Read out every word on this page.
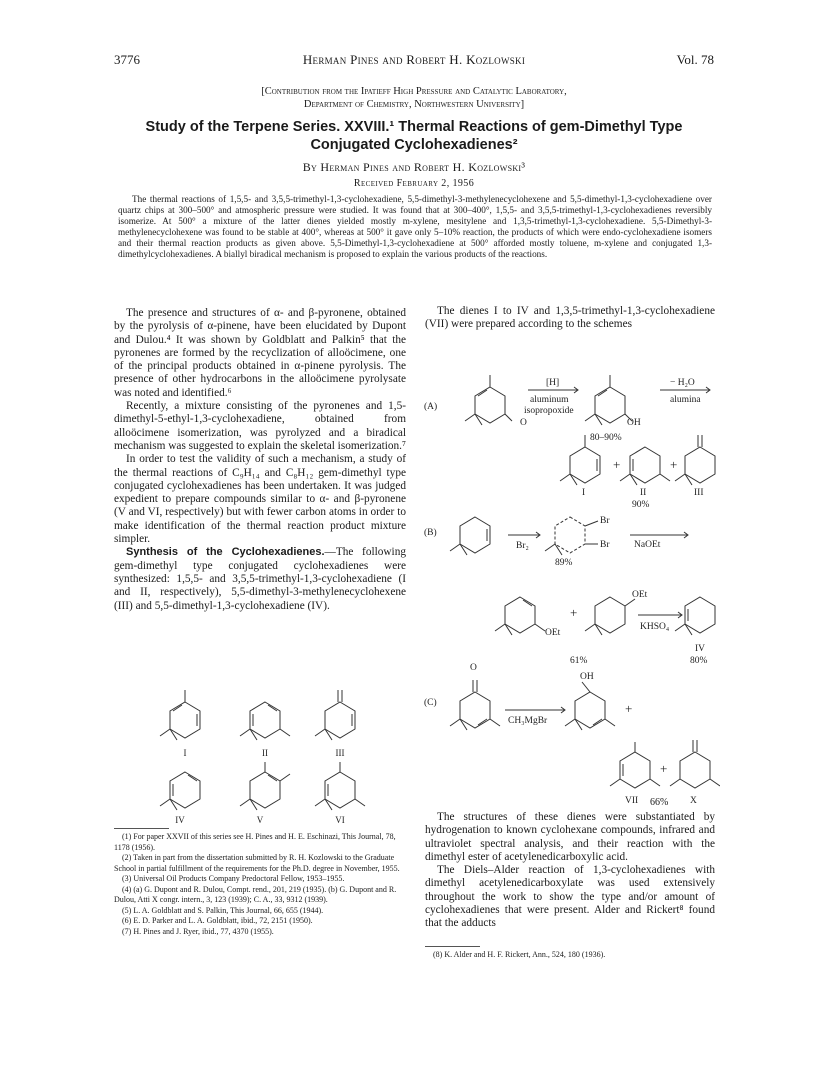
3776	Herman Pines and Robert H. Kozlowski	Vol. 78
[Contribution from the Ipatieff High Pressure and Catalytic Laboratory,
Department of Chemistry, Northwestern University]
Study of the Terpene Series. XXVIII.¹ Thermal Reactions of gem-Dimethyl Type
Conjugated Cyclohexadienes²
By Herman Pines and Robert H. Kozlowski³
Received February 2, 1956
The thermal reactions of 1,5,5- and 3,5,5-trimethyl-1,3-cyclohexadiene, 5,5-dimethyl-3-methylenecyclohexene and 5,5-dimethyl-1,3-cyclohexadiene over quartz chips at 300–500° and atmospheric pressure were studied. It was found that at 300–400°, 1,5,5- and 3,5,5-trimethyl-1,3-cyclohexadienes reversibly isomerize. At 500° a mixture of the latter dienes yielded mostly m-xylene, mesitylene and 1,3,5-trimethyl-1,3-cyclohexadiene. 5,5-Dimethyl-3-methylenecyclohexene was found to be stable at 400°, whereas at 500° it gave only 5–10% reaction, the products of which were endo-cyclohexadiene isomers and their thermal reaction products as given above. 5,5-Dimethyl-1,3-cyclohexadiene at 500° afforded mostly toluene, m-xylene and conjugated 1,3-dimethylcyclohexadienes. A biallyl biradical mechanism is proposed to explain the various products of the reactions.

The presence and structures of α- and β-pyronene, obtained by the pyrolysis of α-pinene, have been elucidated by Dupont and Dulou.⁴ It was shown by Goldblatt and Palkin⁵ that the pyronenes are formed by the recyclization of alloöcimene, one of the principal products obtained in α-pinene pyrolysis. The presence of other hydrocarbons in the alloöcimene pyrolysate was noted and identified.⁶

Recently, a mixture consisting of the pyronenes and 1,5-dimethyl-5-ethyl-1,3-cyclohexadiene, obtained from alloöcimene isomerization, was pyrolyzed and a biradical mechanism was suggested to explain the skeletal isomerization.⁷

In order to test the validity of such a mechanism, a study of the thermal reactions of C₉H₁₄ and C₈H₁₂ gem-dimethyl type conjugated cyclohexadienes has been undertaken. It was judged expedient to prepare compounds similar to α- and β-pyronene (V and VI, respectively) but with fewer carbon atoms in order to make identification of the thermal reaction product mixture simpler.

Synthesis of the Cyclohexadienes.—The following gem-dimethyl type conjugated cyclohexadienes were synthesized: 1,5,5- and 3,5,5-trimethyl-1,3-cyclohexadiene (I and II, respectively), 5,5-dimethyl-3-methylenecyclohexene (III) and 5,5-dimethyl-1,3-cyclohexadiene (IV).

I	II	III
IV	V	VI

(1) For paper XXVII of this series see H. Pines and H. E. Eschinazi, This Journal, 78, 1178 (1956).

(2) Taken in part from the dissertation submitted by R. H. Kozlowski to the Graduate School in partial fulfillment of the requirements for the Ph.D. degree in November, 1955.

(3) Universal Oil Products Company Predoctoral Fellow, 1953–1955.

(4) (a) G. Dupont and R. Dulou, Compt. rend., 201, 219 (1935). (b) G. Dupont and R. Dulou, Atti X congr. intern., 3, 123 (1939); C. A., 33, 9312 (1939).

(5) L. A. Goldblatt and S. Palkin, This Journal, 66, 655 (1944).

(6) E. D. Parker and L. A. Goldblatt, ibid., 72, 2151 (1950).

(7) H. Pines and J. Ryer, ibid., 77, 4370 (1955).

The dienes I to IV and 1,3,5-trimethyl-1,3-cyclohexadiene (VII) were prepared according to the schemes
(A)
O
[H]
aluminum
isopropoxide
OH
80–90%
− H₂O
alumina
+	+
I	II	III
90%
(B)
Br₂
Br
Br	NaOEt
89%
OEt
+
OEt
KHSO₄
IV
61%	80%
(C)
O
OH
CH₃MgBr
+
+
VII	X
66%

The structures of these dienes were substantiated by hydrogenation to known cyclohexane compounds, infrared and ultraviolet spectral analysis, and their reaction with the dimethyl ester of acetylenedicarboxylic acid.

The Diels–Alder reaction of 1,3-cyclohexadienes with dimethyl acetylenedicarboxylate was used extensively throughout the work to show the type and/or amount of cyclohexadienes that were present. Alder and Rickert⁸ found that the adducts

(8) K. Alder and H. F. Rickert, Ann., 524, 180 (1936).
